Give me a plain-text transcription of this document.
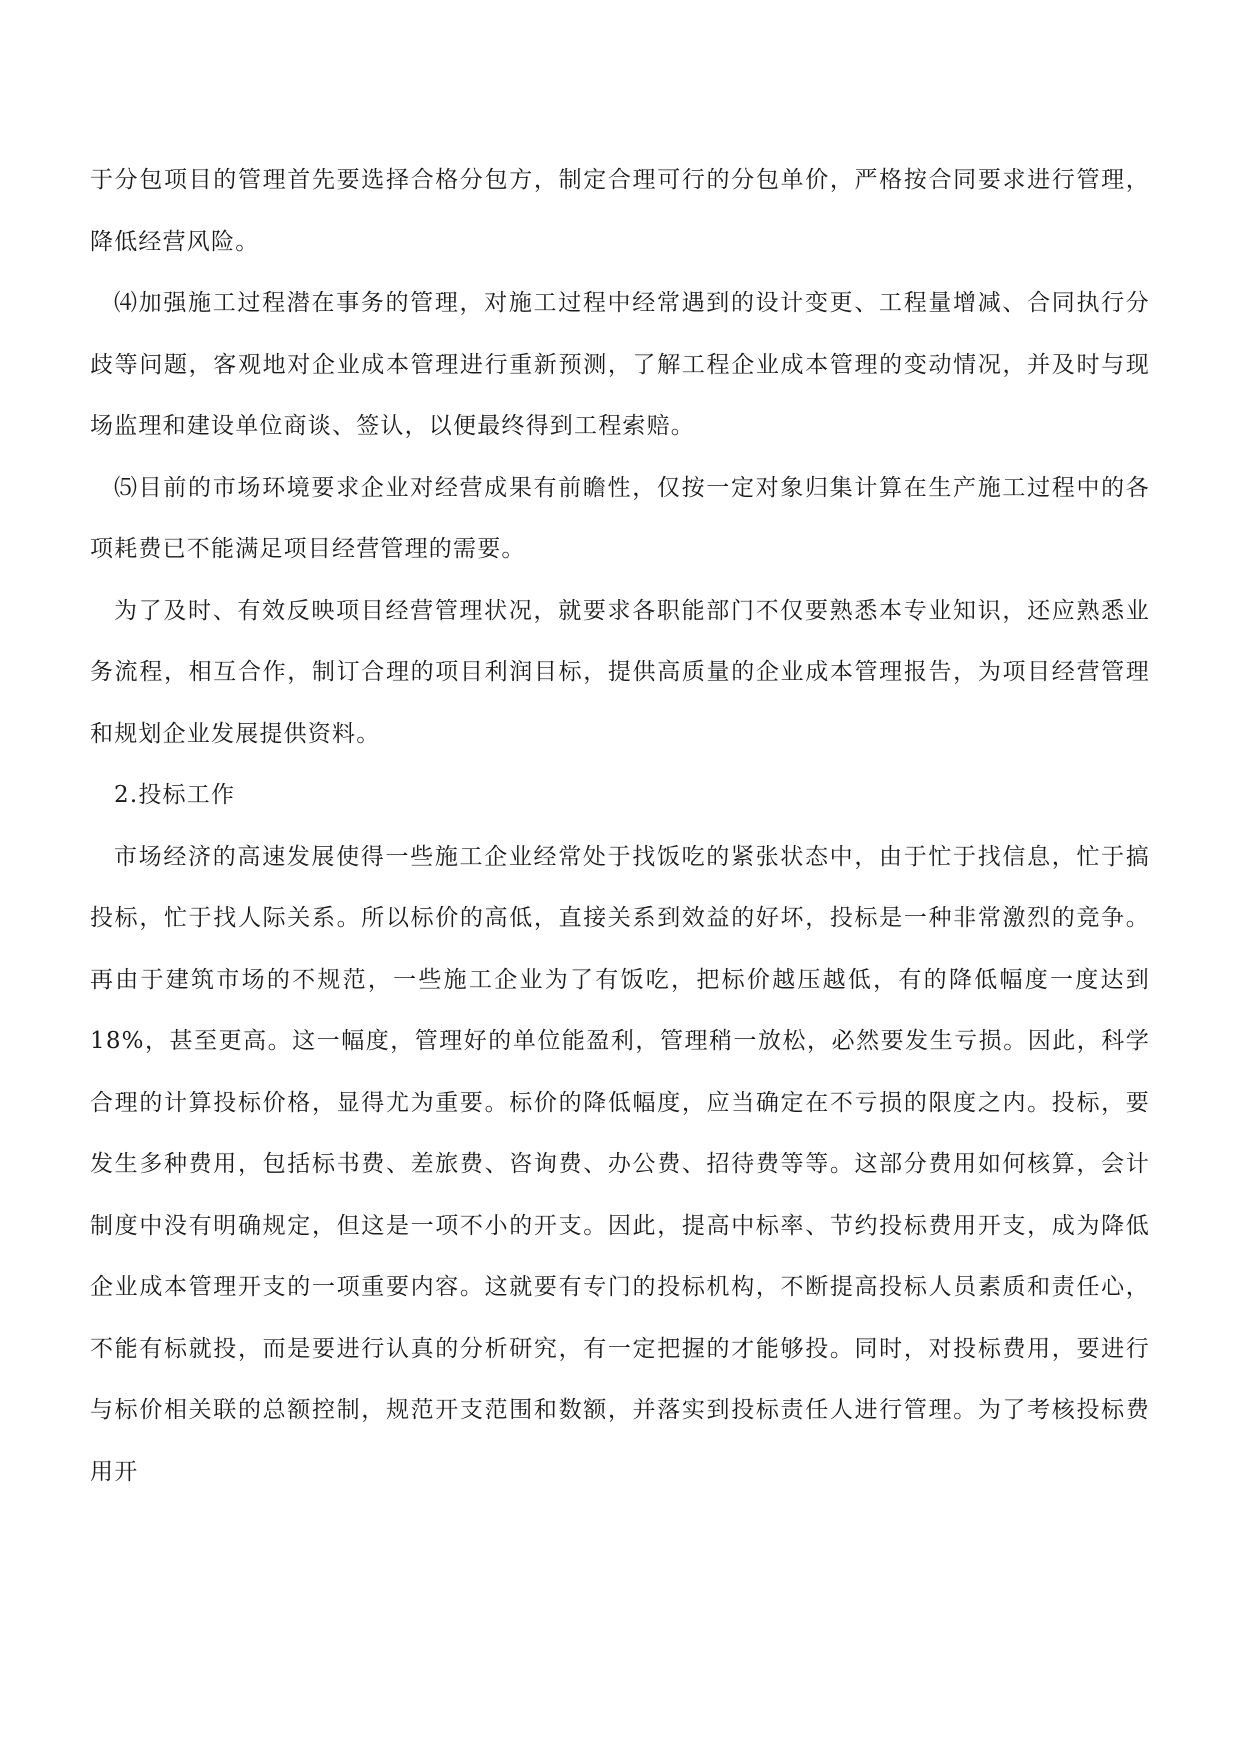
于分包项目的管理首先要选择合格分包方，制定合理可行的分包单价，严格按合同要求进行管理，降低经营风险。

⑷加强施工过程潜在事务的管理，对施工过程中经常遇到的设计变更、工程量增减、合同执行分歧等问题，客观地对企业成本管理进行重新预测，了解工程企业成本管理的变动情况，并及时与现场监理和建设单位商谈、签认，以便最终得到工程索赔。

⑸目前的市场环境要求企业对经营成果有前瞻性，仅按一定对象归集计算在生产施工过程中的各项耗费已不能满足项目经营管理的需要。

为了及时、有效反映项目经营管理状况，就要求各职能部门不仅要熟悉本专业知识，还应熟悉业务流程，相互合作，制订合理的项目利润目标，提供高质量的企业成本管理报告，为项目经营管理和规划企业发展提供资料。

2.投标工作

市场经济的高速发展使得一些施工企业经常处于找饭吃的紧张状态中，由于忙于找信息，忙于搞投标，忙于找人际关系。所以标价的高低，直接关系到效益的好坏，投标是一种非常激烈的竞争。再由于建筑市场的不规范，一些施工企业为了有饭吃，把标价越压越低，有的降低幅度一度达到18%，甚至更高。这一幅度，管理好的单位能盈利，管理稍一放松，必然要发生亏损。因此，科学合理的计算投标价格，显得尤为重要。标价的降低幅度，应当确定在不亏损的限度之内。投标，要发生多种费用，包括标书费、差旅费、咨询费、办公费、招待费等等。这部分费用如何核算，会计制度中没有明确规定，但这是一项不小的开支。因此，提高中标率、节约投标费用开支，成为降低企业成本管理开支的一项重要内容。这就要有专门的投标机构，不断提高投标人员素质和责任心，不能有标就投，而是要进行认真的分析研究，有一定把握的才能够投。同时，对投标费用，要进行与标价相关联的总额控制，规范开支范围和数额，并落实到投标责任人进行管理。为了考核投标费用开
